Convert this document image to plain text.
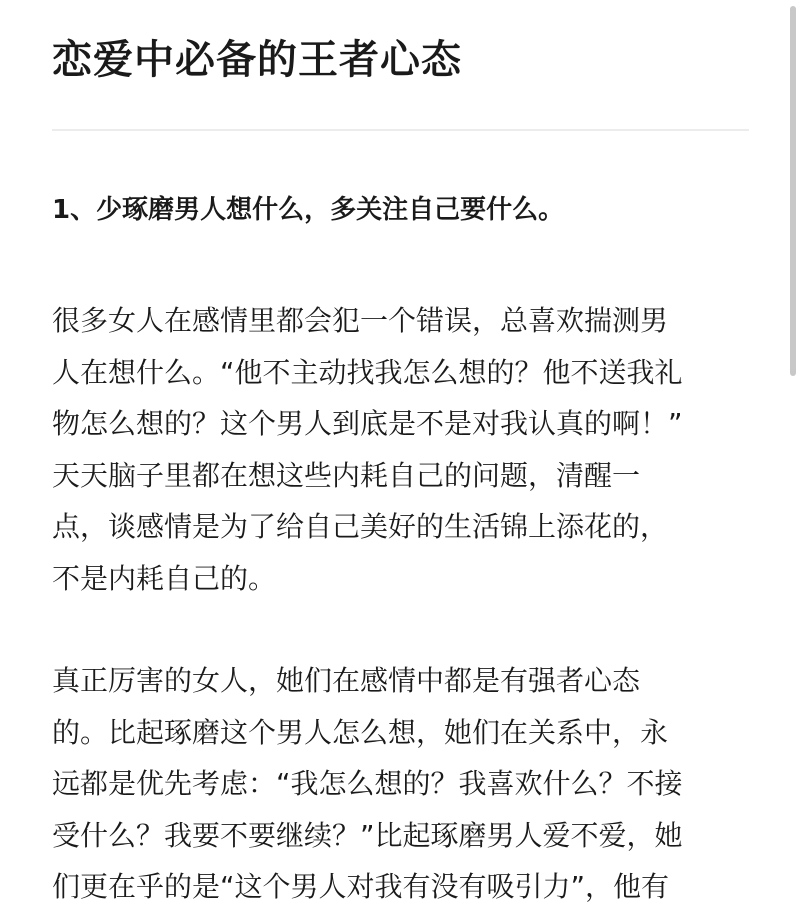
恋爱中必备的王者心态
1、少琢磨男人想什么，多关注自己要什么。

很多女人在感情里都会犯一个错误，总喜欢揣测男
人在想什么。“他不主动找我怎么想的？他不送我礼
物怎么想的？这个男人到底是不是对我认真的啊！”
天天脑子里都在想这些内耗自己的问题，清醒一
点，谈感情是为了给自己美好的生活锦上添花的，
不是内耗自己的。

真正厉害的女人，她们在感情中都是有强者心态
的。比起琢磨这个男人怎么想，她们在关系中，永
远都是优先考虑：“我怎么想的？我喜欢什么？不接
受什么？我要不要继续？”比起琢磨男人爱不爱，她
们更在乎的是“这个男人对我有没有吸引力”，他有
